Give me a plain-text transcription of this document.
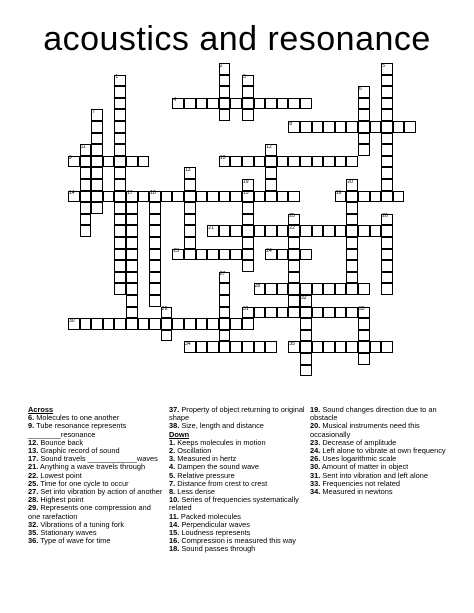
acoustics and resonance
1
2
3
4
5
6
7
8
9	10
11	12
13
14	15	16
17	18
19	20
21	22
23	24
25	26
27
28
29
30
31
32
33
34	35
Across
6. Molecules to one another
9. Tube resonance represents ________resonance
12. Bounce back
13. Graphic record of sound
17. Sound travels ____________waves
21. Anything a wave travels through
22. Lowest point
25. Time for one cycle to occur
27. Set into vibration by action of another
28. Highest point
29. Represents one compression and one rarefaction
32. Vibrations of a tuning fork
35. Stationary waves
36. Type of wave for time
37. Property of object returning to original shape
38. Size, length and distance
Down
1. Keeps molecules in motion
2. Oscillation
3. Measured in hertz
4. Dampen the sound wave
5. Relative pressure
7. Distance from crest to crest
8. Less dense
10. Series of frequencies systematically related
11. Packed molecules
14. Perpendicular waves
15. Loudness represents
16. Compression is measured this way
18. Sound passes through
19. Sound changes direction due to an obstacle
20. Musical instruments need this occasionally
23. Decrease of amplitude
24. Left alone to vibrate at own frequency
26. Uses logarithmic scale
30. Amount of matter in object
31. Sent into vibration and left alone
33. Frequencies not related
34. Measured in newtons
